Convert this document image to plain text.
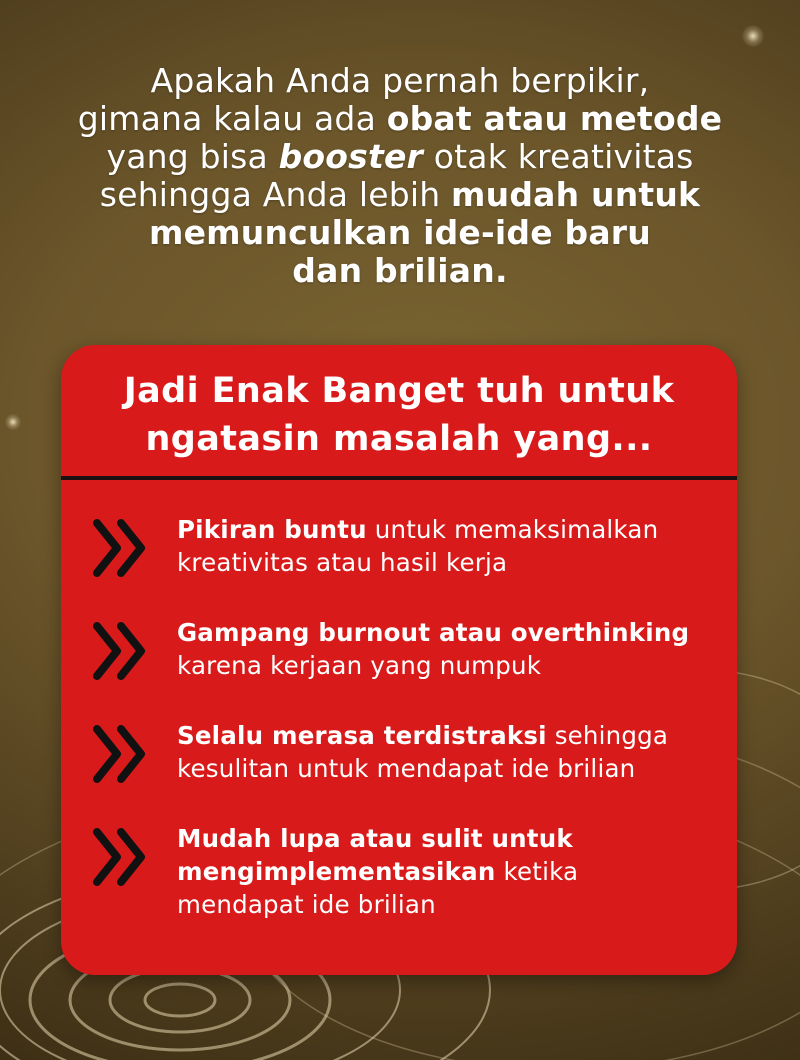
Apakah Anda pernah berpikir,
gimana kalau ada obat atau metode
yang bisa booster otak kreativitas
sehingga Anda lebih mudah untuk
memunculkan ide-ide baru
dan brilian.
Jadi Enak Banget tuh untuk
ngatasin masalah yang...
Pikiran buntu untuk memaksimalkan
kreativitas atau hasil kerja
Gampang burnout atau overthinking
karena kerjaan yang numpuk
Selalu merasa terdistraksi sehingga
kesulitan untuk mendapat ide brilian
Mudah lupa atau sulit untuk
mengimplementasikan ketika
mendapat ide brilian
